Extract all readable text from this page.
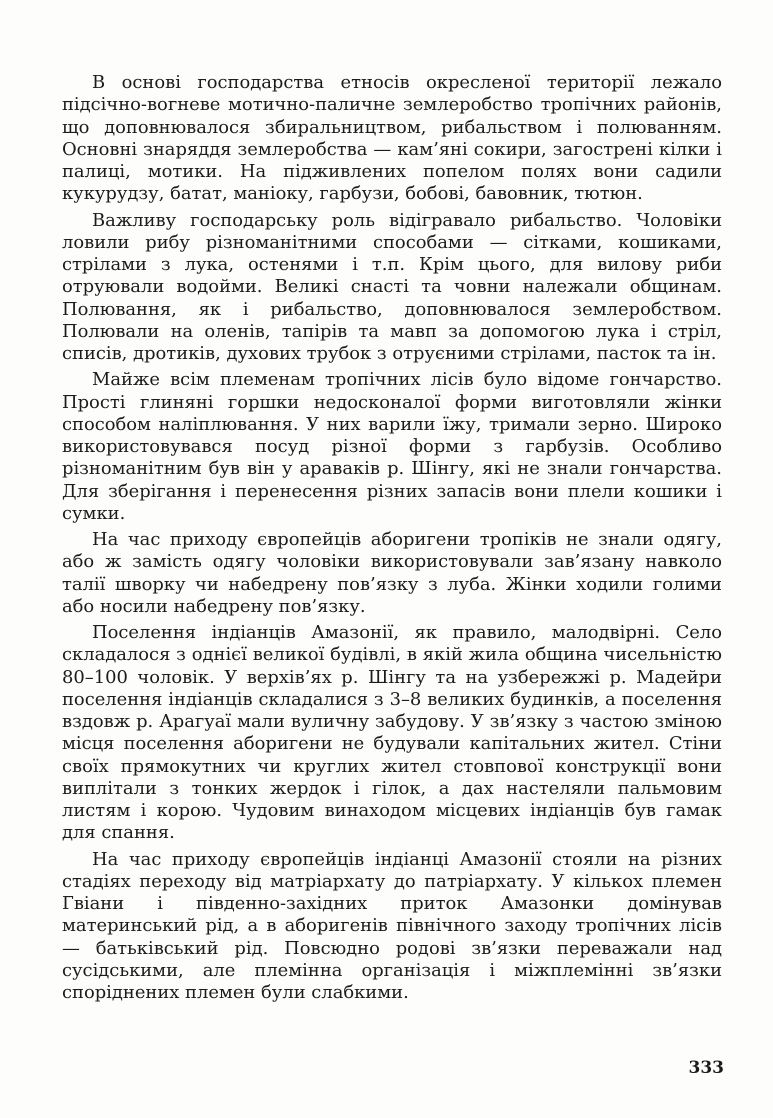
В основі господарства етносів окресленої території лежало підсічно-вогневе мотично-паличне землеробство тропічних районів, що доповнювалося збиральництвом, рибальством і полюванням. Основні знаряддя землеробства — кам’яні сокири, загострені кілки і палиці, мотики. На підживлених попелом полях вони садили кукурудзу, батат, маніоку, гарбузи, бобові, бавовник, тютюн.

Важливу господарську роль відігравало рибальство. Чоловіки ловили рибу різноманітними способами — сітками, кошиками, стрілами з лука, остенями і т.п. Крім цього, для вилову риби отруювали водойми. Великі снасті та човни належали общинам. Полювання, як і рибальство, доповнювалося землеробством. Полювали на оленів, тапірів та мавп за допомогою лука і стріл, списів, дротиків, духових трубок з отруєними стрілами, пасток та ін.

Майже всім племенам тропічних лісів було відоме гончарство. Прості глиняні горшки недосконалої форми виготовляли жінки способом наліплювання. У них варили їжу, тримали зерно. Широко використовувався посуд різної форми з гарбузів. Особливо різноманітним був він у араваків р. Шінгу, які не знали гончарства. Для зберігання і перенесення різних запасів вони плели кошики і сумки.

На час приходу європейців аборигени тропіків не знали одягу, або ж замість одягу чоловіки використовували зав’язану навколо талії шворку чи набедрену пов’язку з луба. Жінки ходили голими або носили набедрену пов’язку.

Поселення індіанців Амазонії, як правило, малодвірні. Село складалося з однієї великої будівлі, в якій жила община чисельністю 80–100 чоловік. У верхів’ях р. Шінгу та на узбережжі р. Мадейри поселення індіанців складалися з 3–8 великих будинків, а поселення вздовж р. Арагуаї мали вуличну забудову. У зв’язку з частою зміною місця поселення аборигени не будували капітальних жител. Стіни своїх прямокутних чи круглих жител стовпової конструкції вони виплітали з тонких жердок і гілок, а дах настеляли пальмовим листям і корою. Чудовим винаходом місцевих індіанців був гамак для спання.

На час приходу європейців індіанці Амазонії стояли на різних стадіях переходу від матріархату до патріархату. У кількох племен Гвіани і південно-західних приток Амазонки домінував материнський рід, а в аборигенів північного заходу тропічних лісів — батьківський рід. Повсюдно родові зв’язки переважали над сусідськими, але племінна організація і міжплемінні зв’язки споріднених племен були слабкими.

333
